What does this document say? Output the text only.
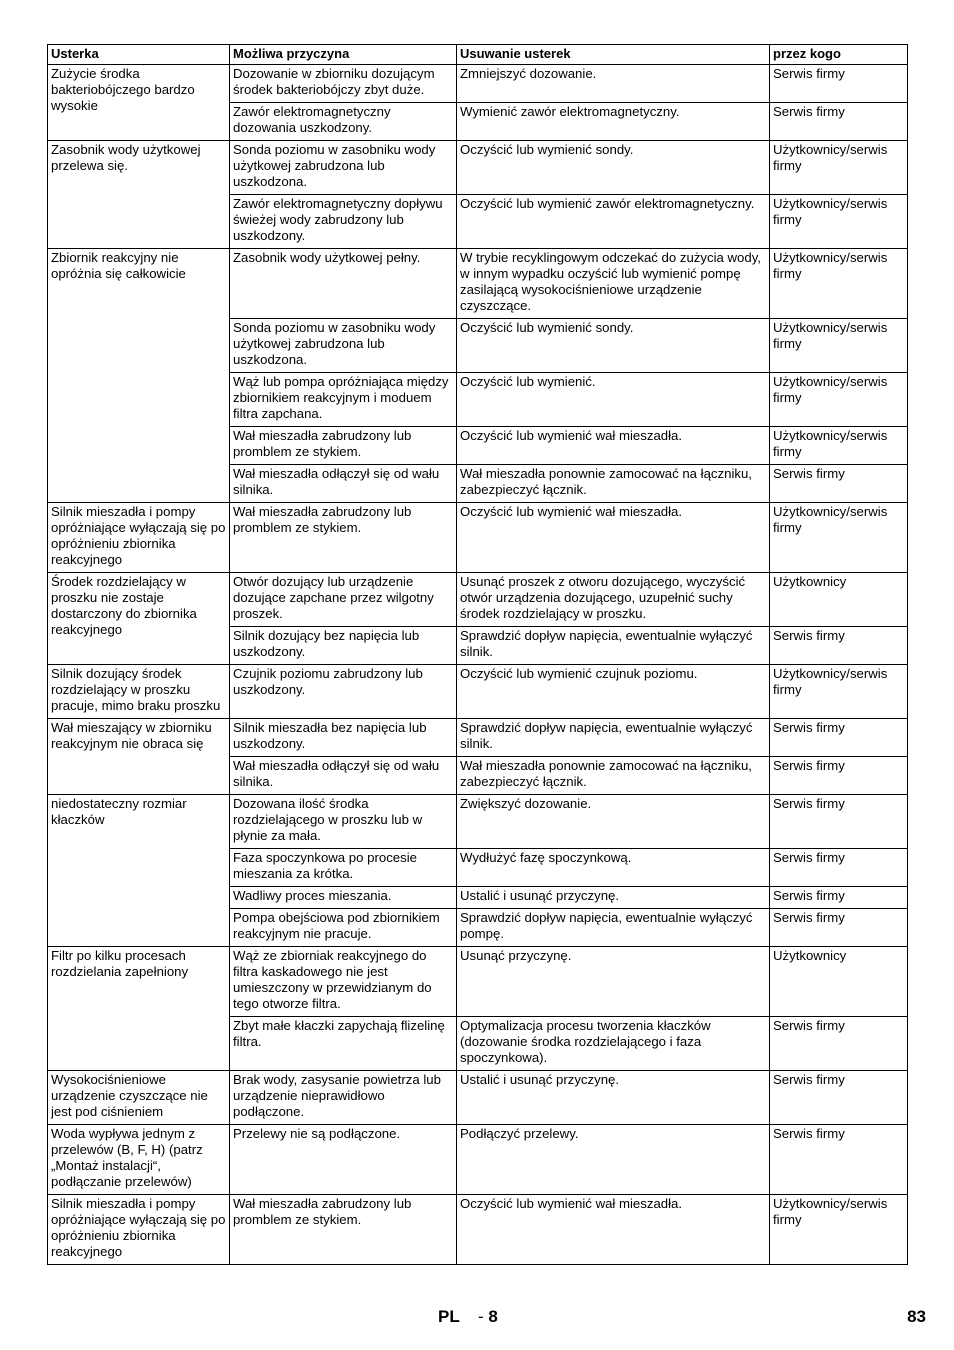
Usterka	Możliwa przyczyna	Usuwanie usterek	przez kogo
Zużycie środka bakteriobójczego bardzo wysokie	Dozowanie w zbiorniku dozującym środek bakteriobójczy zbyt duże.	Zmniejszyć dozowanie.	Serwis firmy
	Zawór elektromagnetyczny dozowania uszkodzony.	Wymienić zawór elektromagnetyczny.	Serwis firmy
Zasobnik wody użytkowej przelewa się.	Sonda poziomu w zasobniku wody użytkowej zabrudzona lub uszkodzona.	Oczyścić lub wymienić sondy.	Użytkownicy/serwis firmy
	Zawór elektromagnetyczny dopływu świeżej wody zabrudzony lub uszkodzony.	Oczyścić lub wymienić zawór elektromagnetyczny.	Użytkownicy/serwis firmy
Zbiornik reakcyjny nie opróżnia się całkowicie	Zasobnik wody użytkowej pełny.	W trybie recyklingowym odczekać do zużycia wody, w innym wypadku oczyścić lub wymienić pompę zasilającą wysokociśnieniowe urządzenie czyszczące.	Użytkownicy/serwis firmy
	Sonda poziomu w zasobniku wody użytkowej zabrudzona lub uszkodzona.	Oczyścić lub wymienić sondy.	Użytkownicy/serwis firmy
	Wąż lub pompa opróżniająca między zbiornikiem reakcyjnym i moduem filtra zapchana.	Oczyścić lub wymienić.	Użytkownicy/serwis firmy
	Wał mieszadła zabrudzony lub promblem ze stykiem.	Oczyścić lub wymienić wał mieszadła.	Użytkownicy/serwis firmy
	Wał mieszadła odłączył się od wału silnika.	Wał mieszadła ponownie zamocować na łączniku, zabezpieczyć łącznik.	Serwis firmy
Silnik mieszadła i pompy opróżniające wyłączają się po opróżnieniu zbiornika reakcyjnego	Wał mieszadła zabrudzony lub promblem ze stykiem.	Oczyścić lub wymienić wał mieszadła.	Użytkownicy/serwis firmy
Środek rozdzielający w proszku nie zostaje dostarczony do zbiornika reakcyjnego	Otwór dozujący lub urządzenie dozujące zapchane przez wilgotny proszek.	Usunąć proszek z otworu dozującego, wyczyścić otwór urządzenia dozującego, uzupełnić suchy środek rozdzielający w proszku.	Użytkownicy
	Silnik dozujący bez napięcia lub uszkodzony.	Sprawdzić dopływ napięcia, ewentualnie wyłączyć silnik.	Serwis firmy
Silnik dozujący środek rozdzielający w proszku pracuje, mimo braku proszku	Czujnik poziomu zabrudzony lub uszkodzony.	Oczyścić lub wymienić czujnuk poziomu.	Użytkownicy/serwis firmy
Wał mieszający w zbiorniku reakcyjnym nie obraca się	Silnik mieszadła bez napięcia lub uszkodzony.	Sprawdzić dopływ napięcia, ewentualnie wyłączyć silnik.	Serwis firmy
	Wał mieszadła odłączył się od wału silnika.	Wał mieszadła ponownie zamocować na łączniku, zabezpieczyć łącznik.	Serwis firmy
niedostateczny rozmiar kłaczków	Dozowana ilość środka rozdzielającego w proszku lub w płynie za mała.	Zwiększyć dozowanie.	Serwis firmy
	Faza spoczynkowa po procesie mieszania za krótka.	Wydłużyć fazę spoczynkową.	Serwis firmy
	Wadliwy proces mieszania.	Ustalić i usunąć przyczynę.	Serwis firmy
	Pompa obejściowa pod zbiornikiem reakcyjnym nie pracuje.	Sprawdzić dopływ napięcia, ewentualnie wyłączyć pompę.	Serwis firmy
Filtr po kilku procesach rozdzielania zapełniony	Wąż ze zbiorniak reakcyjnego do filtra kaskadowego nie jest umieszczony w przewidzianym do tego otworze filtra.	Usunąć przyczynę.	Użytkownicy
	Zbyt małe kłaczki zapychają flizelinę filtra.	Optymalizacja procesu tworzenia kłaczków (dozowanie środka rozdzielającego i faza spoczynkowa).	Serwis firmy
Wysokociśnieniowe urządzenie czyszczące nie jest pod ciśnieniem	Brak wody, zasysanie powietrza lub urządzenie nieprawidłowo podłączone.	Ustalić i usunąć przyczynę.	Serwis firmy
Woda wypływa jednym z przelewów (B, F, H) (patrz „Montaż instalacji“, podłączanie przelewów)	Przelewy nie są podłączone.	Podłączyć przelewy.	Serwis firmy
Silnik mieszadła i pompy opróżniające wyłączają się po opróżnieniu zbiornika reakcyjnego	Wał mieszadła zabrudzony lub promblem ze stykiem.	Oczyścić lub wymienić wał mieszadła.	Użytkownicy/serwis firmy
PL - 8	83
